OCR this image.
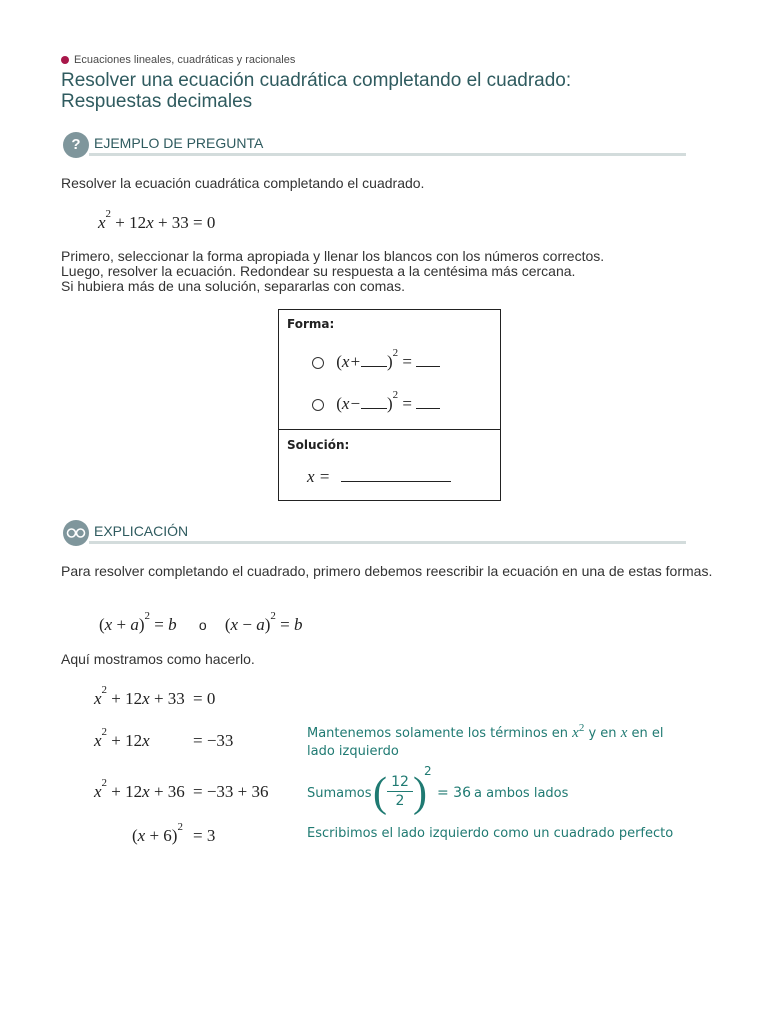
Ecuaciones lineales, cuadráticas y racionales
Resolver una ecuación cuadrática completando el cuadrado:
Respuestas decimales
? EJEMPLO DE PREGUNTA
Resolver la ecuación cuadrática completando el cuadrado.
$x^2 + 12x + 33 = 0$
Primero, seleccionar la forma apropiada y llenar los blancos con los números correctos.
Luego, resolver la ecuación. Redondear su respuesta a la centésima más cercana.
Si hubiera más de una solución, separarlas con comas.
Forma:
$(x+ )^2$ =
$(x- )^2$ =
Solución:
x =
EXPLICACIÓN
Para resolver completando el cuadrado, primero debemos reescribir la ecuación en una de estas formas.
$(x + a)^2 = b$ o $(x - a)^2 = b$
Aquí mostramos como hacerlo.
$x^2 + 12x + 33 = 0$
$x^2 + 12x$	= −33
$x^2 + 12x + 36 = -33 + 36$
$(x + 6)^2 = 3$
Mantenemos solamente los términos en $x^2$ y en x en el
lado izquierdo
Sumamos ( $\frac{12}{2}$ )
2
= 36 a ambos lados
Escribimos el lado izquierdo como un cuadrado perfecto
